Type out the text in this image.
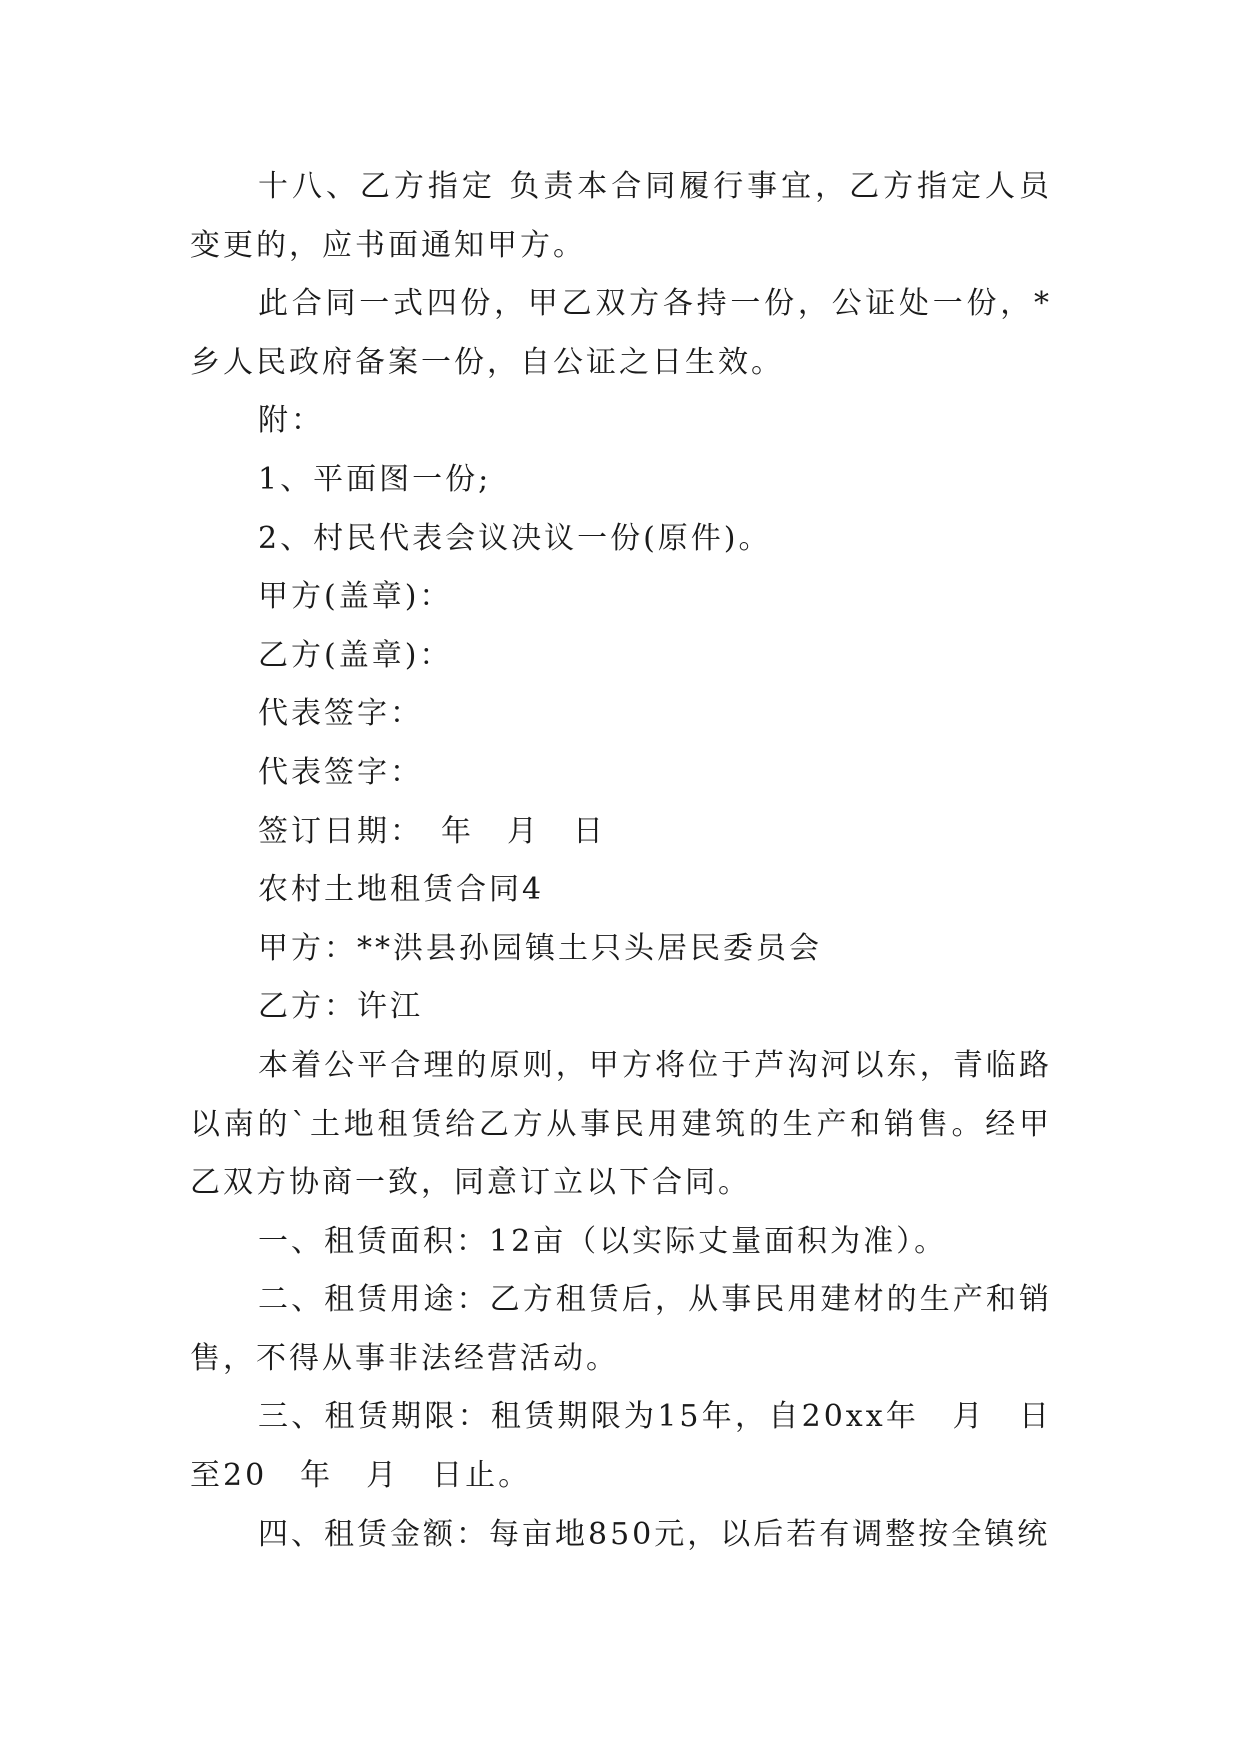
十八、乙方指定 负责本合同履行事宜，乙方指定人员变更的，应书面通知甲方。

此合同一式四份，甲乙双方各持一份，公证处一份，*乡人民政府备案一份，自公证之日生效。

附：

1、平面图一份;

2、村民代表会议决议一份(原件)。

甲方(盖章)：

乙方(盖章)：

代表签字：

代表签字：

签订日期：　年　月　日

农村土地租赁合同4

甲方：**洪县孙园镇土只头居民委员会

乙方：许江

本着公平合理的原则，甲方将位于芦沟河以东，青临路以南的`土地租赁给乙方从事民用建筑的生产和销售。经甲乙双方协商一致，同意订立以下合同。

一、租赁面积：12亩（以实际丈量面积为准）。

二、租赁用途：乙方租赁后，从事民用建材的生产和销售，不得从事非法经营活动。

三、租赁期限：租赁期限为15年，自20xx年　月　日至20　年　月　日止。

四、租赁金额：每亩地850元，以后若有调整按全镇统
